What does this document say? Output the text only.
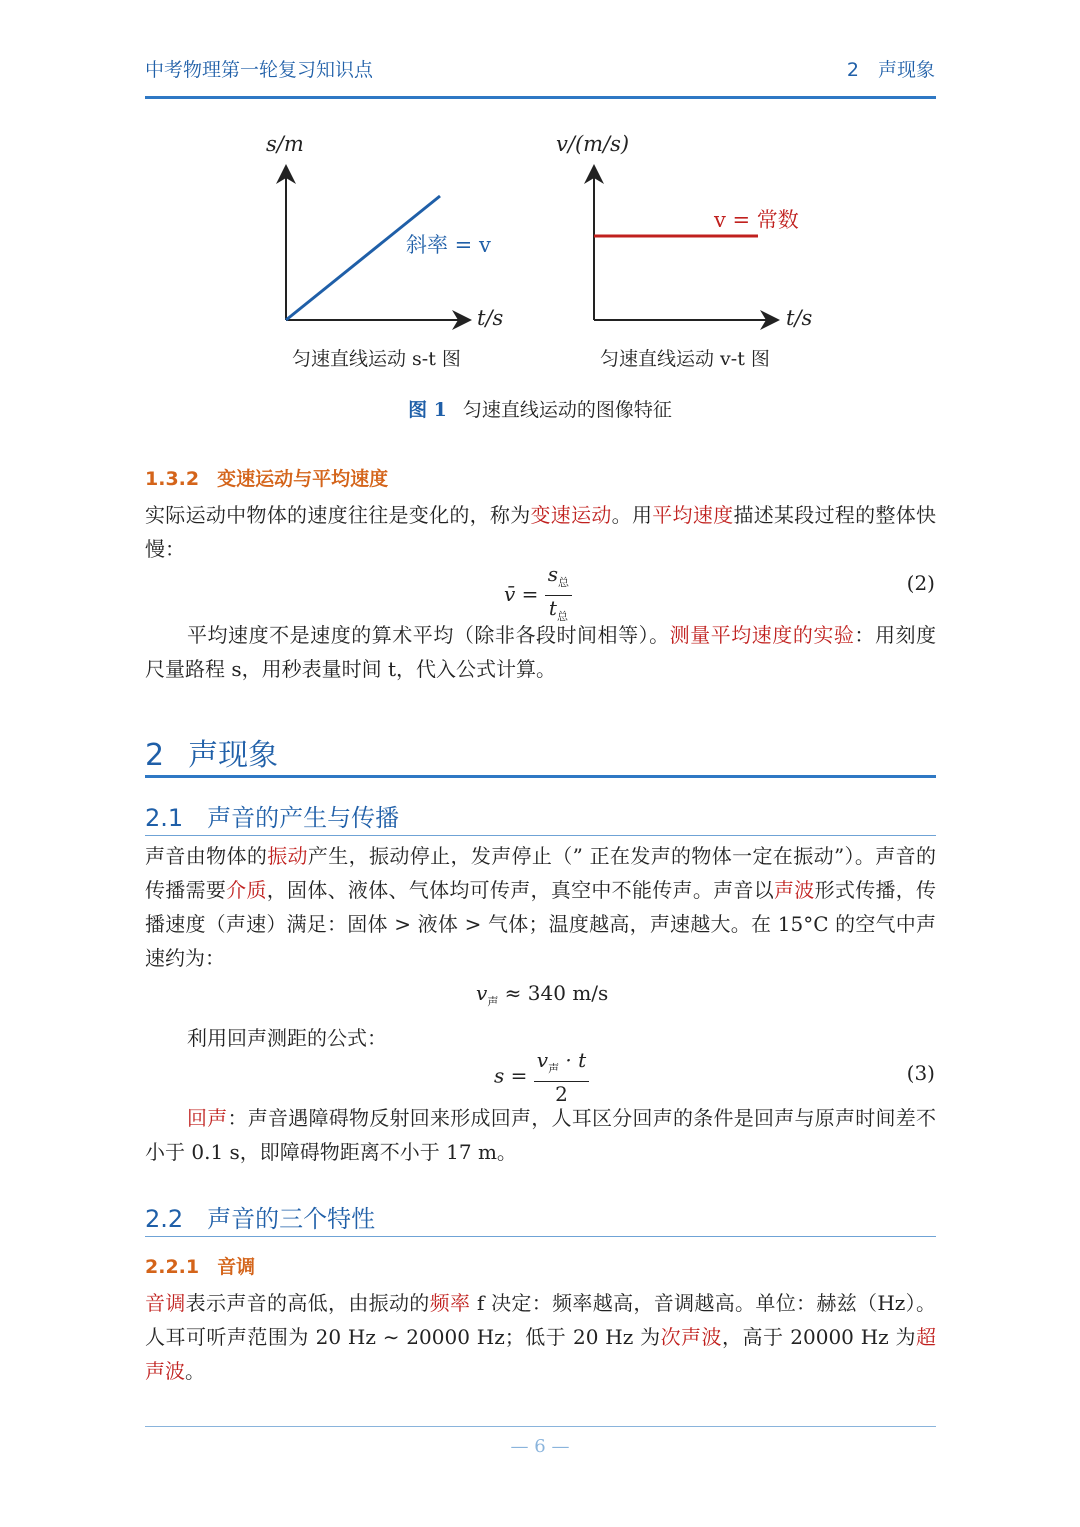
中考物理第一轮复习知识点	2　声现象
s/m
t/s
斜率 = v
匀速直线运动 s-t 图
v/(m/s)
t/s
v = 常数
匀速直线运动 v-t 图
图 1 匀速直线运动的图像特征
1.3.2 变速运动与平均速度
实际运动中物体的速度往往是变化的，称为变速运动。用平均速度描述某段过程的整体快慢：
v̄ = $\frac{s_总}{t_总}$	(2)
平均速度不是速度的算术平均（除非各段时间相等）。测量平均速度的实验：用刻度尺量路程 s，用秒表量时间 t，代入公式计算。
2 声现象
2.1 声音的产生与传播
声音由物体的振动产生，振动停止，发声停止（” 正在发声的物体一定在振动”）。声音的传播需要介质，固体、液体、气体均可传声，真空中不能传声。声音以声波形式传播，传播速度（声速）满足：固体 > 液体 > 气体；温度越高，声速越大。在 15°C 的空气中声速约为：
$v_声 \approx 340$ m/s
利用回声测距的公式：
$s = \frac{v_声 \cdot t}{2}$	(3)
回声：声音遇障碍物反射回来形成回声，人耳区分回声的条件是回声与原声时间差不小于 0.1 s，即障碍物距离不小于 17 m。
2.2 声音的三个特性
2.2.1 音调
音调表示声音的高低，由振动的频率 f 决定：频率越高，音调越高。单位：赫兹（Hz）。人耳可听声范围为 20 Hz ∼ 20000 Hz；低于 20 Hz 为次声波，高于 20000 Hz 为超声波。
— 6 —
